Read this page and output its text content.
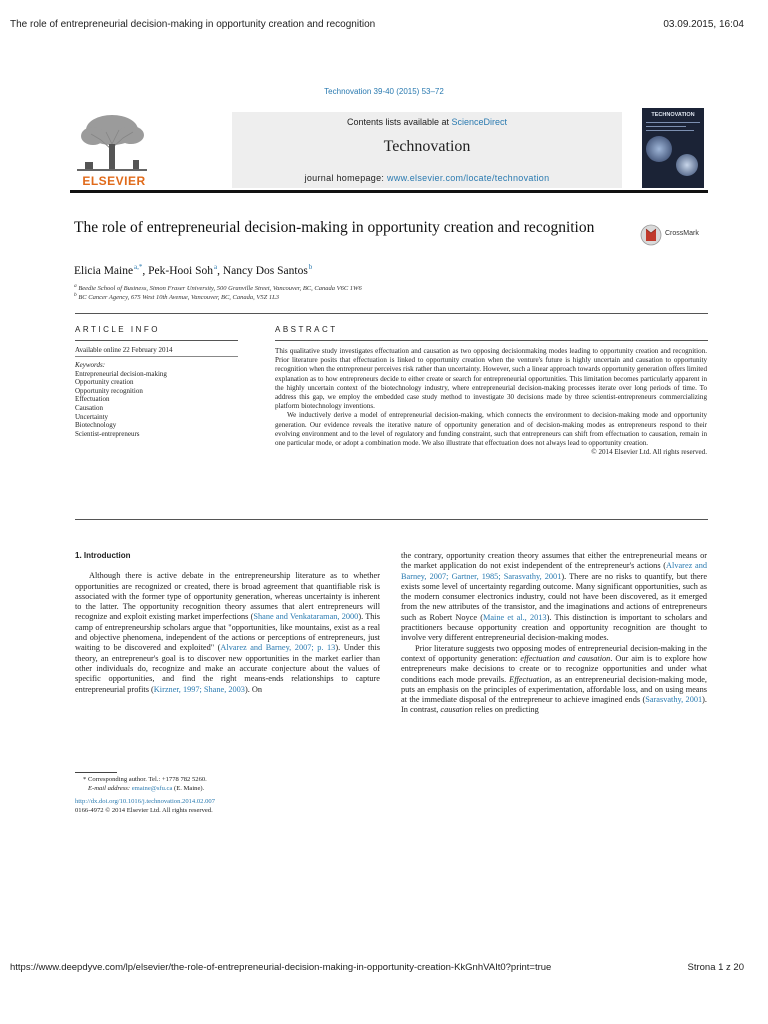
The role of entrepreneurial decision-making in opportunity creation and recognition	03.09.2015, 16:04
Technovation 39-40 (2015) 53–72
ELSEVIER
Contents lists available at ScienceDirect
Technovation
journal homepage: www.elsevier.com/locate/technovation
TECHNOVATION
The role of entrepreneurial decision-making in opportunity creation and recognition	CrossMark
Elicia Maine $^{a,*}$, Pek-Hooi Soh $^a$, Nancy Dos Santos $^b$
$^a$ Beedie School of Business, Simon Fraser University, 500 Granville Street, Vancouver, BC, Canada V6C 1W6
$^b$ BC Cancer Agency, 675 West 10th Avenue, Vancouver, BC, Canada, V5Z 1L3
ARTICLE INFO	ABSTRACT
Available online 22 February 2014
Keywords:
Entrepreneurial decision-making
Opportunity creation
Opportunity recognition
Effectuation
Causation
Uncertainty
Biotechnology
Scientist-entrepreneurs

This qualitative study investigates effectuation and causation as two opposing decisionmaking modes leading to opportunity creation and recognition. Prior literature posits that effectuation is linked to opportunity creation when the venture's future is highly uncertain and causation to opportunity recognition when the entrepreneur perceives risk rather than uncertainty. However, such a linear approach towards opportunity generation offers limited explanation as to how entrepreneurs decide to either create or search for entrepreneurial opportunities. This limitation becomes particularly apparent in the highly uncertain context of the biotechnology industry, where entrepreneurial decision-making processes iterate over long periods of time. To address this gap, we employ the embedded case study method to investigate 30 decisions made by three scientist-entrepreneurs commercializing platform biotechnology inventions.

We inductively derive a model of entrepreneurial decision-making, which connects the environment to decision-making mode and opportunity generation. Our evidence reveals the iterative nature of opportunity generation and of decision-making modes as entrepreneurs respond to their evolving environment and to the level of regulatory and funding constraint, such that entrepreneurs can shift from effectuation to causation, remain in one particular mode, or adopt a combination mode. We also illustrate that effectuation does not always lead to opportunity creation.

© 2014 Elsevier Ltd. All rights reserved.

1. Introduction

Although there is active debate in the entrepreneurship literature as to whether opportunities are recognized or created, there is broad agreement that quantifiable risk is associated with the former type of opportunity generation, whereas uncertainty is inherent to the latter. The opportunity recognition theory assumes that alert entrepreneurs will recognize and exploit existing market imperfections (Shane and Venkataraman, 2000). This camp of entrepreneurship scholars argue that "opportunities, like mountains, exist as a real and objective phenomena, independent of the actions or perceptions of entrepreneurs, just waiting to be discovered and exploited" (Alvarez and Barney, 2007; p. 13). Under this theory, an entrepreneur's goal is to discover new opportunities in the market earlier than other individuals do, recognize and make an accurate conjecture about the values of specific opportunities, and find the right means-ends relationships to capture entrepreneurial profits (Kirzner, 1997; Shane, 2003). On

the contrary, opportunity creation theory assumes that either the entrepreneurial means or the market application do not exist independent of the entrepreneur's actions (Alvarez and Barney, 2007; Gartner, 1985; Sarasvathy, 2001). There are no risks to quantify, but there exists some level of uncertainty regarding outcome. Many significant opportunities, such as the modern consumer electronics industry, could not have been discovered, as it emerged from the new attributes of the transistor, and the imaginations and actions of entrepreneurs such as Robert Noyce (Maine et al., 2013). This distinction is important to scholars and practitioners because opportunity creation and opportunity recognition are thought to involve very different entrepreneurial decision-making modes.

Prior literature suggests two opposing modes of entrepreneurial decision-making in the context of opportunity generation: effectuation and causation. Our aim is to explore how entrepreneurs make decisions to create or to recognize opportunities and under what conditions each mode prevails. Effectuation, as an entrepreneurial decision-making mode, puts an emphasis on the principles of experimentation, affordable loss, and on using means at the immediate disposal of the entrepreneur to achieve imagined ends (Sarasvathy, 2001). In contrast, causation relies on predicting

* Corresponding author. Tel.: +1778 782 5260.

E-mail address: emaine@sfu.ca (E. Maine).

http://dx.doi.org/10.1016/j.technovation.2014.02.007

0166-4972 © 2014 Elsevier Ltd. All rights reserved.

https://www.deepdyve.com/lp/elsevier/the-role-of-entrepreneurial-decision-making-in-opportunity-creation-KkGnhVAIt0?print=true	Strona 1 z 20
